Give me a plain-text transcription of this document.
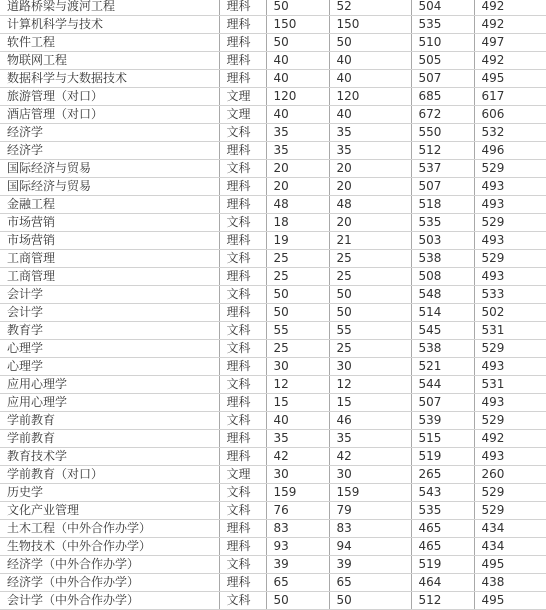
道路桥梁与渡河工程	理科	50	52	504	492
计算机科学与技术	理科	150	150	535	492
软件工程	理科	50	50	510	497
物联网工程	理科	40	40	505	492
数据科学与大数据技术	理科	40	40	507	495
旅游管理（对口）	文理	120	120	685	617
酒店管理（对口）	文理	40	40	672	606
经济学	文科	35	35	550	532
经济学	理科	35	35	512	496
国际经济与贸易	文科	20	20	537	529
国际经济与贸易	理科	20	20	507	493
金融工程	理科	48	48	518	493
市场营销	文科	18	20	535	529
市场营销	理科	19	21	503	493
工商管理	文科	25	25	538	529
工商管理	理科	25	25	508	493
会计学	文科	50	50	548	533
会计学	理科	50	50	514	502
教育学	文科	55	55	545	531
心理学	文科	25	25	538	529
心理学	理科	30	30	521	493
应用心理学	文科	12	12	544	531
应用心理学	理科	15	15	507	493
学前教育	文科	40	46	539	529
学前教育	理科	35	35	515	492
教育技术学	理科	42	42	519	493
学前教育（对口）	文理	30	30	265	260
历史学	文科	159	159	543	529
文化产业管理	文科	76	79	535	529
土木工程（中外合作办学）	理科	83	83	465	434
生物技术（中外合作办学）	理科	93	94	465	434
经济学（中外合作办学）	文科	39	39	519	495
经济学（中外合作办学）	理科	65	65	464	438
会计学（中外合作办学）	文科	50	50	512	495
